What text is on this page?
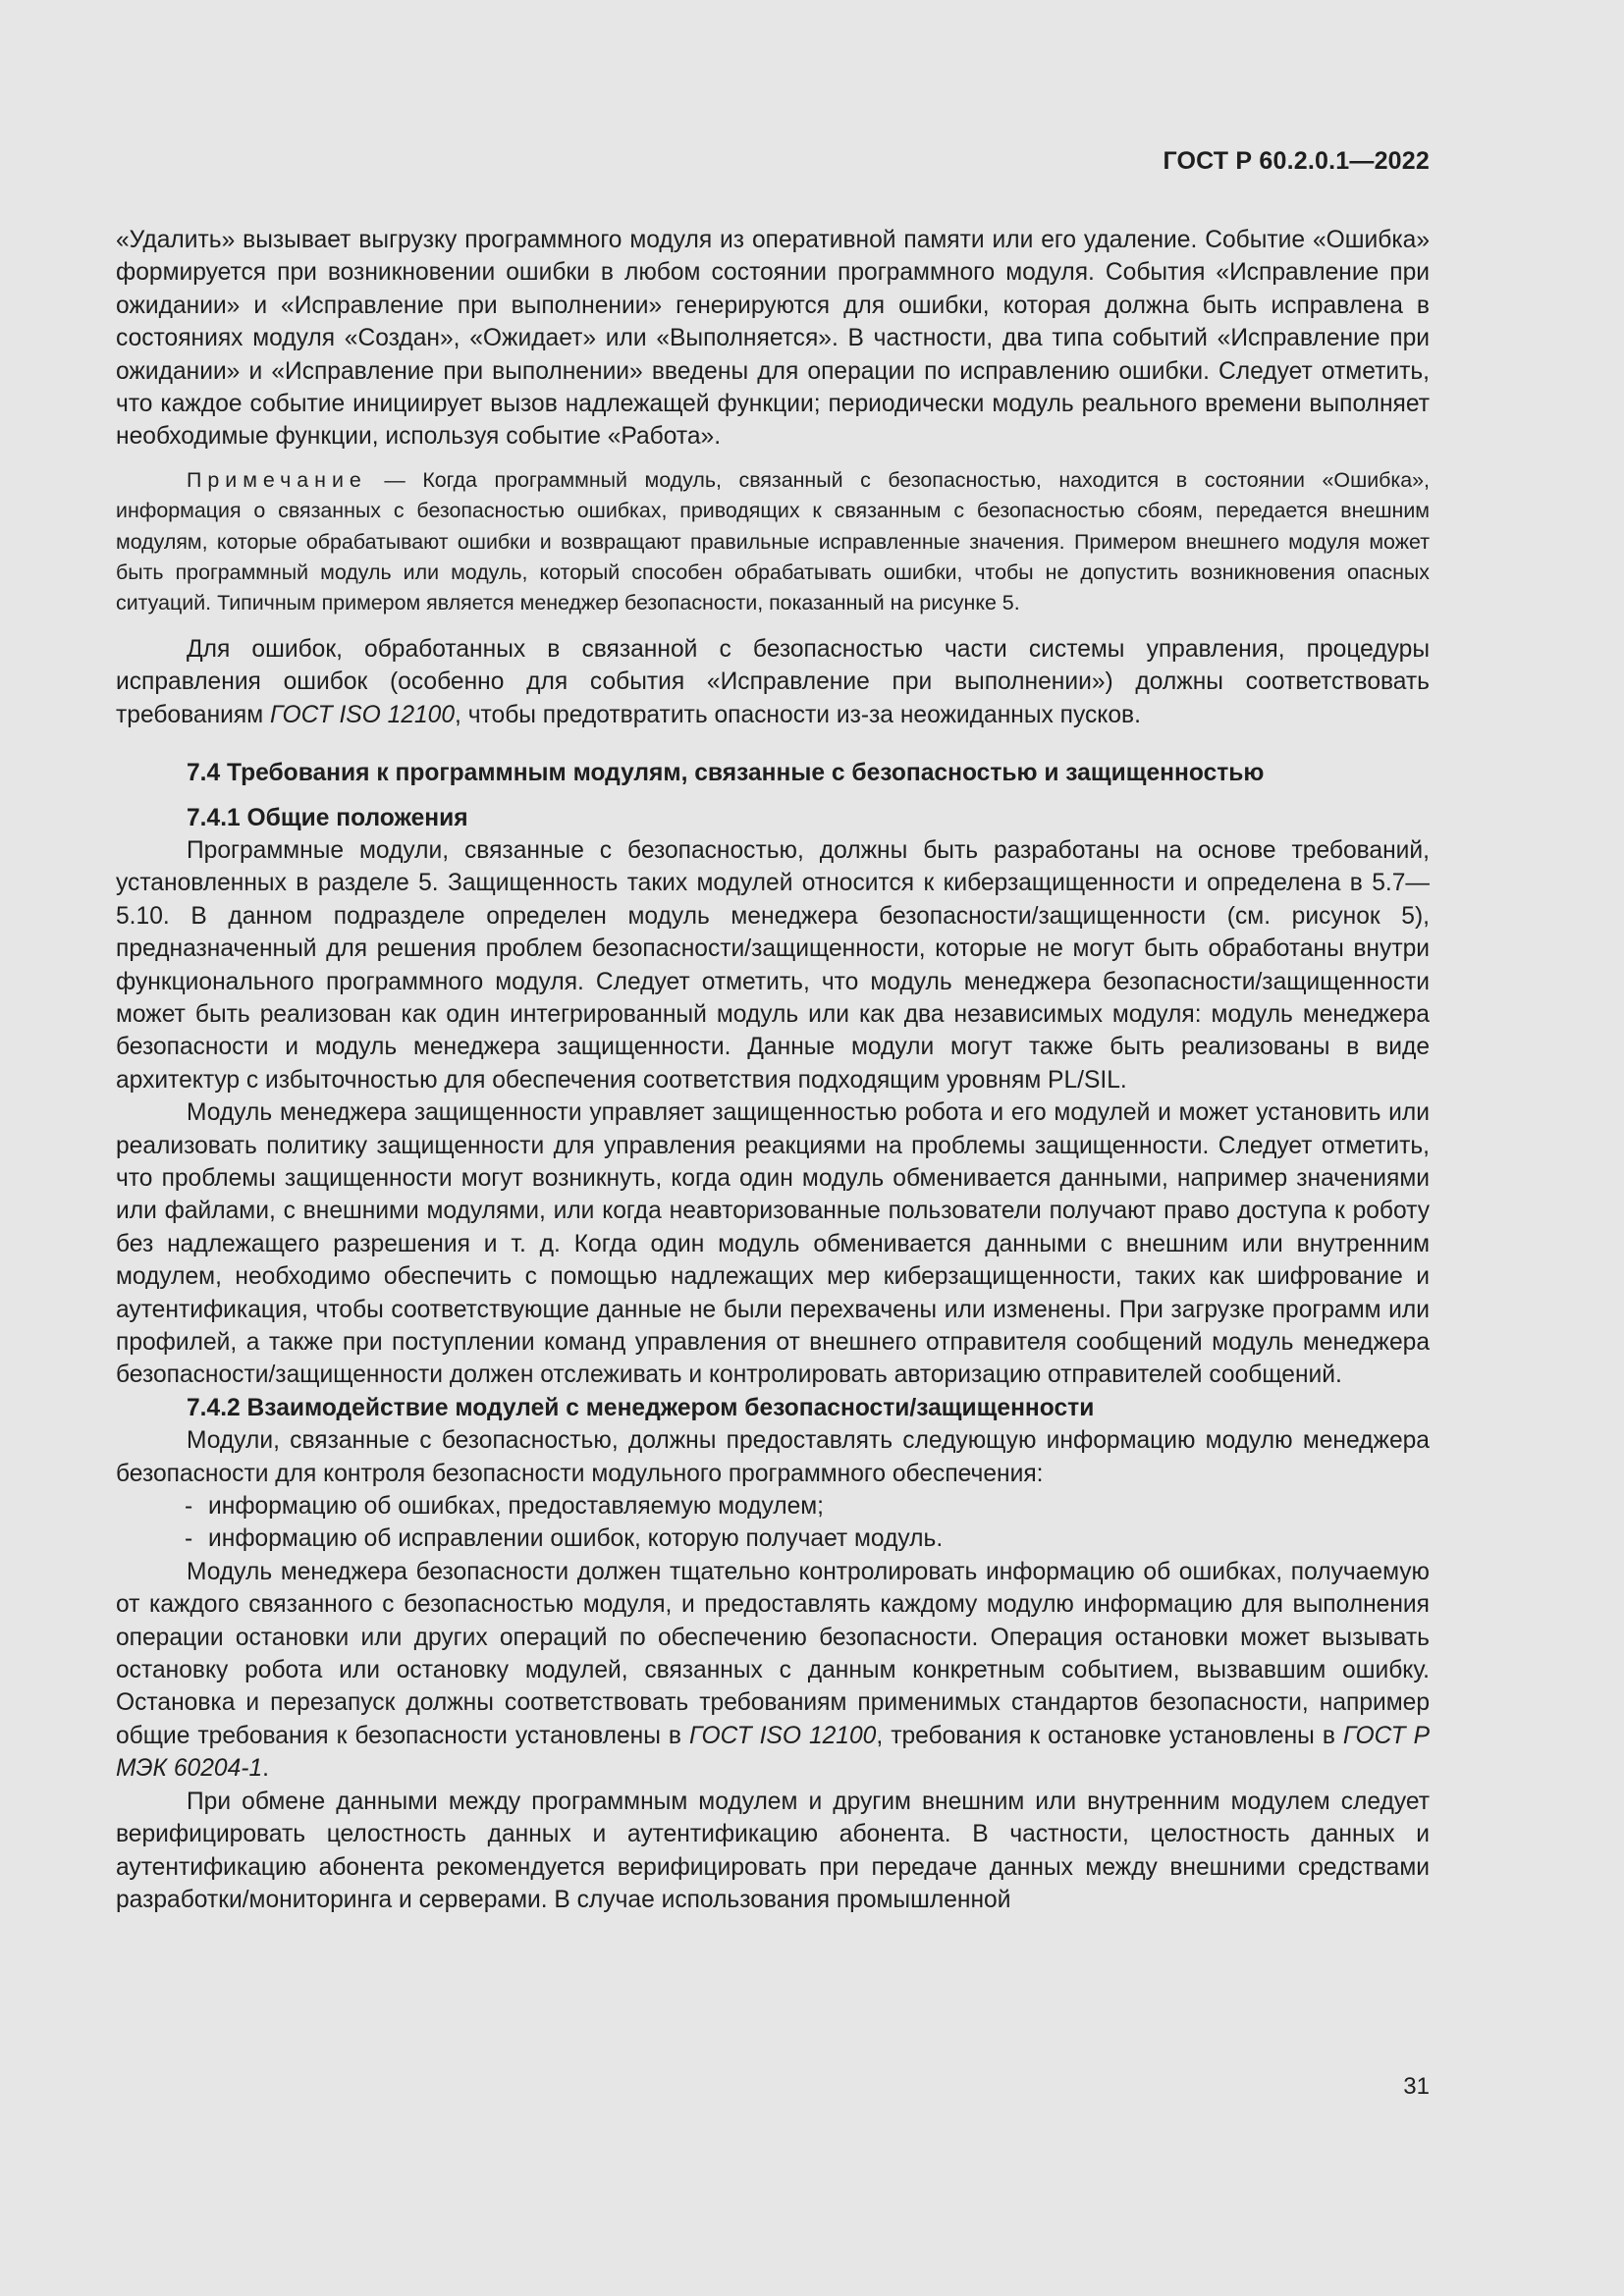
ГОСТ Р 60.2.0.1—2022

«Удалить» вызывает выгрузку программного модуля из оперативной памяти или его удаление. Событие «Ошибка» формируется при возникновении ошибки в любом состоянии программного модуля. События «Исправление при ожидании» и «Исправление при выполнении» генерируются для ошибки, которая должна быть исправлена в состояниях модуля «Создан», «Ожидает» или «Выполняется». В частности, два типа событий «Исправление при ожидании» и «Исправление при выполнении» введены для операции по исправлению ошибки. Следует отметить, что каждое событие инициирует вызов надлежащей функции; периодически модуль реального времени выполняет необходимые функции, используя событие «Работа».

Примечание — Когда программный модуль, связанный с безопасностью, находится в состоянии «Ошибка», информация о связанных с безопасностью ошибках, приводящих к связанным с безопасностью сбоям, передается внешним модулям, которые обрабатывают ошибки и возвращают правильные исправленные значения. Примером внешнего модуля может быть программный модуль или модуль, который способен обрабатывать ошибки, чтобы не допустить возникновения опасных ситуаций. Типичным примером является менеджер безопасности, показанный на рисунке 5.

Для ошибок, обработанных в связанной с безопасностью части системы управления, процедуры исправления ошибок (особенно для события «Исправление при выполнении») должны соответствовать требованиям ГОСТ ISO 12100, чтобы предотвратить опасности из-за неожиданных пусков.

7.4 Требования к программным модулям, связанные с безопасностью и защищенностью
7.4.1 Общие положения

Программные модули, связанные с безопасностью, должны быть разработаны на основе требований, установленных в разделе 5. Защищенность таких модулей относится к киберзащищенности и определена в 5.7—5.10. В данном подразделе определен модуль менеджера безопасности/защищенности (см. рисунок 5), предназначенный для решения проблем безопасности/защищенности, которые не могут быть обработаны внутри функционального программного модуля. Следует отметить, что модуль менеджера безопасности/защищенности может быть реализован как один интегрированный модуль или как два независимых модуля: модуль менеджера безопасности и модуль менеджера защищенности. Данные модули могут также быть реализованы в виде архитектур с избыточностью для обеспечения соответствия подходящим уровням PL/SIL.

Модуль менеджера защищенности управляет защищенностью робота и его модулей и может установить или реализовать политику защищенности для управления реакциями на проблемы защищенности. Следует отметить, что проблемы защищенности могут возникнуть, когда один модуль обменивается данными, например значениями или файлами, с внешними модулями, или когда неавторизованные пользователи получают право доступа к роботу без надлежащего разрешения и т. д. Когда один модуль обменивается данными с внешним или внутренним модулем, необходимо обеспечить с помощью надлежащих мер киберзащищенности, таких как шифрование и аутентификация, чтобы соответствующие данные не были перехвачены или изменены. При загрузке программ или профилей, а также при поступлении команд управления от внешнего отправителя сообщений модуль менеджера безопасности/защищенности должен отслеживать и контролировать авторизацию отправителей сообщений.

7.4.2 Взаимодействие модулей с менеджером безопасности/защищенности

Модули, связанные с безопасностью, должны предоставлять следующую информацию модулю менеджера безопасности для контроля безопасности модульного программного обеспечения:

- информацию об ошибках, предоставляемую модулем;
- информацию об исправлении ошибок, которую получает модуль.

Модуль менеджера безопасности должен тщательно контролировать информацию об ошибках, получаемую от каждого связанного с безопасностью модуля, и предоставлять каждому модулю информацию для выполнения операции остановки или других операций по обеспечению безопасности. Операция остановки может вызывать остановку робота или остановку модулей, связанных с данным конкретным событием, вызвавшим ошибку. Остановка и перезапуск должны соответствовать требованиям применимых стандартов безопасности, например общие требования к безопасности установлены в ГОСТ ISO 12100, требования к остановке установлены в ГОСТ Р МЭК 60204-1.

При обмене данными между программным модулем и другим внешним или внутренним модулем следует верифицировать целостность данных и аутентификацию абонента. В частности, целостность данных и аутентификацию абонента рекомендуется верифицировать при передаче данных между внешними средствами разработки/мониторинга и серверами. В случае использования промышленной

31
